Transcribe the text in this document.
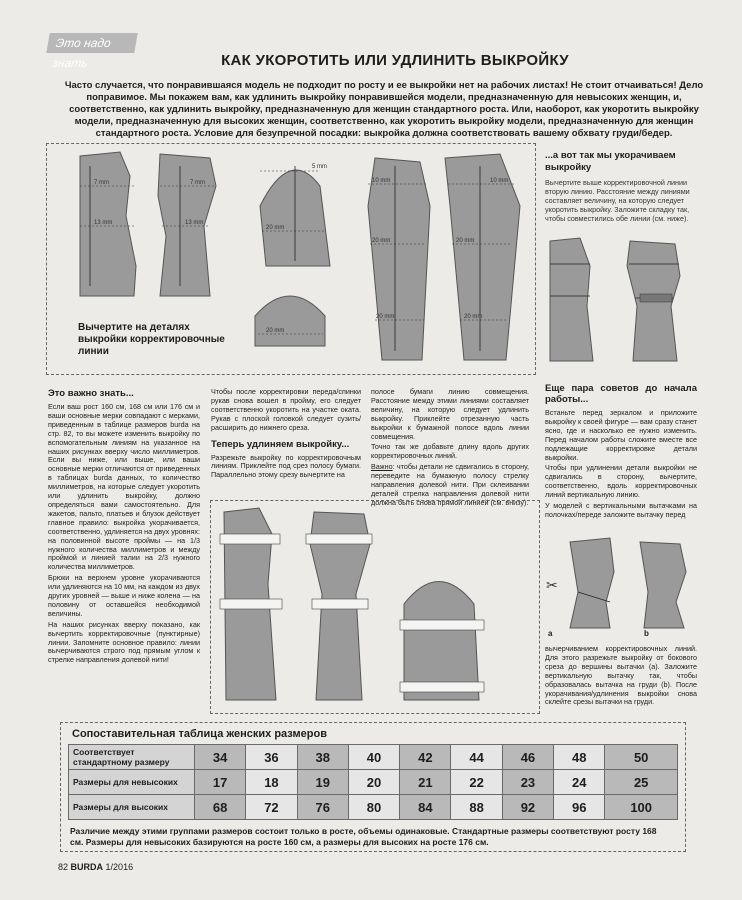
Это надо знать	КАК УКОРОТИТЬ ИЛИ УДЛИНИТЬ ВЫКРОЙКУ
Часто случается, что понравившаяся модель не подходит по росту и ее выкройки нет на рабочих листах! Не стоит отчаиваться! Дело поправимое. Мы покажем вам, как удлинить выкройку понравившейся модели, предназначенную для невысоких женщин, и, соответственно, как удлинить выкройку, предназначенную для женщин стандартного роста. Или, наоборот, как укоротить выкройку модели, предназначенную для высоких женщин, соответственно, как укоротить выкройку модели, предназначенную для женщин стандартного роста. Условие для безупречной посадки: выкройка должна соответствовать вашему обхвату груди/бедер.
7 mm
13 mm
7 mm
13 mm
5 mm
20 mm
20 mm
10 mm
20 mm
20 mm
10 mm
20 mm
20 mm
Вычертите на деталях выкройки корректировочные линии
...а вот так мы укорачиваем выкройку
Вычертите выше корректировочной линии вторую линию. Расстояние между линиями составляет величину, на которую следует укоротить выкройку. Заложите складку так, чтобы совместились обе линии (см. ниже).
Это важно знать...

Если ваш рост 160 см, 168 см или 176 см и ваши основные мерки совпадают с мерками, приведенным в таблице размеров burda на стр. 82, то вы можете изменить выкройку по вспомогательным линиям на указанное на наших рисунках вверху число миллиметров. Если вы ниже, или выше, или ваши основные мерки отличаются от приведенных в таблицах burda данных, то количество миллиметров, на которые следует укоротить или удлинить выкройку, должно определяться вами самостоятельно. Для жакетов, пальто, платьев и блузок действует главное правило: выкройка укорачивается, соответственно, удлиняется на двух уровнях: на половинной высоте проймы — на 1/3 нужного количества миллиметров и между проймой и линией талии на 2/3 нужного количества миллиметров.

Брюки на верхнем уровне укорачиваются или удлиняются на 10 мм, на каждом из двух других уровней — выше и ниже колена — на половину от оставшейся необходимой величины.

На наших рисунках вверху показано, как вычертить корректировочные (пунктирные) линии. Запомните основное правило: линии вычерчиваются строго под прямым углом к стрелке направления долевой нити!

Чтобы после корректировки переда/спинки рукав снова вошел в пройму, его следует соответственно укоротить на участке оката. Рукав с плоской головкой следует сузить/расширить до нижнего среза.

Теперь удлиняем выкройку...

Разрежьте выкройку по корректировочным линиям. Приклейте под срез полосу бумаги. Параллельно этому срезу вычертите на

полосе бумаги линию совмещения. Расстояние между этими линиями составляет величину, на которую следует удлинить выкройку. Приклейте отрезанную часть выкройки к бумажной полосе вдоль линии совмещения.

Точно так же добавьте длину вдоль других корректировочных линий.

Важно: чтобы детали не сдвигались в сторону, переведите на бумажную полосу стрелку направления долевой нити. При склеивании деталей стрелка направления долевой нити должна быть снова прямой линией (см. внизу).

Еще пара советов до начала работы...

Встаньте перед зеркалом и приложите выкройку к своей фигуре — вам сразу станет ясно, где и насколько ее нужно изменить. Перед началом работы сложите вместе все подлежащие корректировке детали выкройки.

Чтобы при удлинении детали выкройки не сдвигались в сторону, вычертите, соответственно, вдоль корректировочных линий вертикальную линию.

У моделей с вертикальными вытачками на полочках/переде заложите вытачку перед

✂
a	b
вычерчиванием корректировочных линий. Для этого разрежьте выкройку от бокового среза до вершины вытачки (а). Заложите вертикальную вытачку так, чтобы образовалась вытачка на груди (b). После укорачивания/удлинения выкройки снова склейте срезы вытачки на груди.
Сопоставительная таблица женских размеров
Соответствует
стандартному размеру	34	36	38	40	42	44	46	48	50
Размеры для невысоких	17	18	19	20	21	22	23	24	25
Размеры для высоких	68	72	76	80	84	88	92	96	100
Различие между этими группами размеров состоит только в росте, объемы одинаковые. Стандартные размеры соответствуют росту 168 см. Размеры для невысоких базируются на росте 160 см, а размеры для высоких на росте 176 см.
82 BURDA 1/2016
